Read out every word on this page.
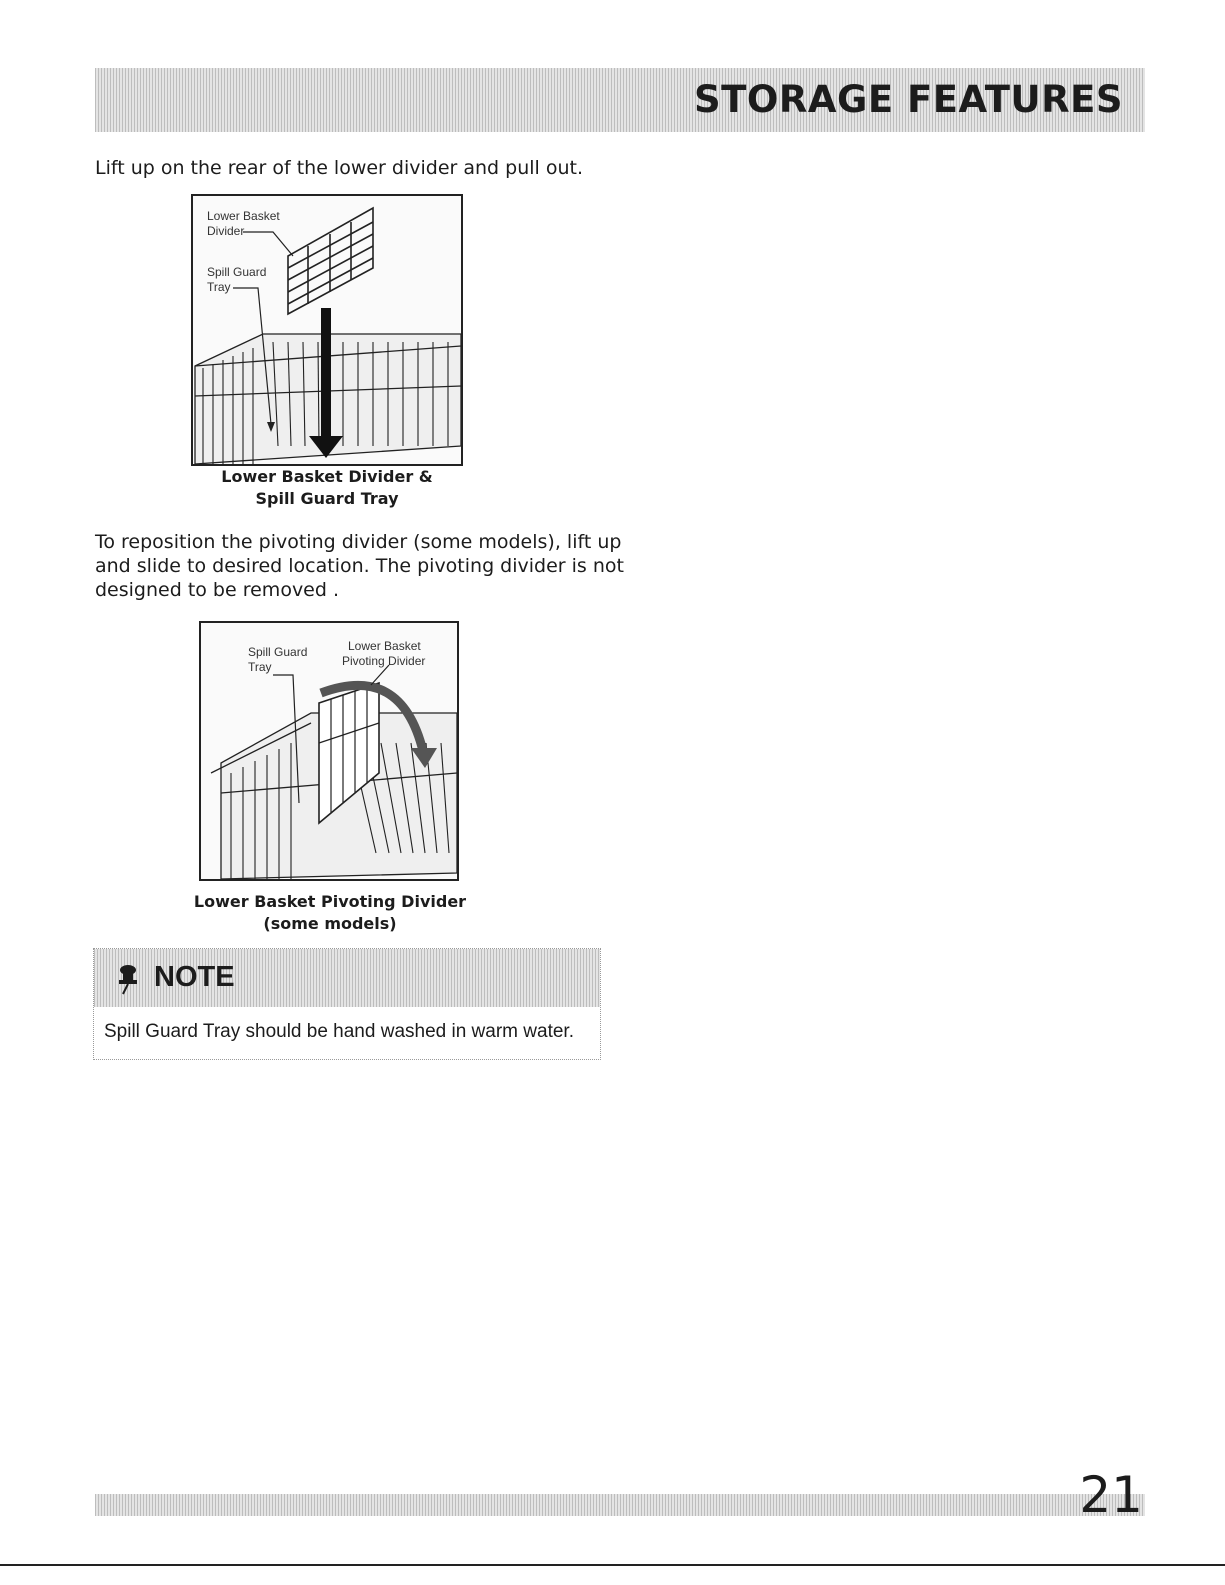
STORAGE FEATURES

Lift up on the rear of the lower divider and pull out.

Lower Basket
Divider
Spill Guard
Tray
Lower Basket Divider &
Spill Guard Tray
To reposition the pivoting divider (some models), lift up
and slide to desired location. The pivoting divider is not
designed to be removed .
Spill Guard
Tray
Lower Basket
Pivoting Divider
Lower Basket Pivoting Divider
(some models)
NOTE
Spill Guard Tray should be hand washed in warm water.
21
